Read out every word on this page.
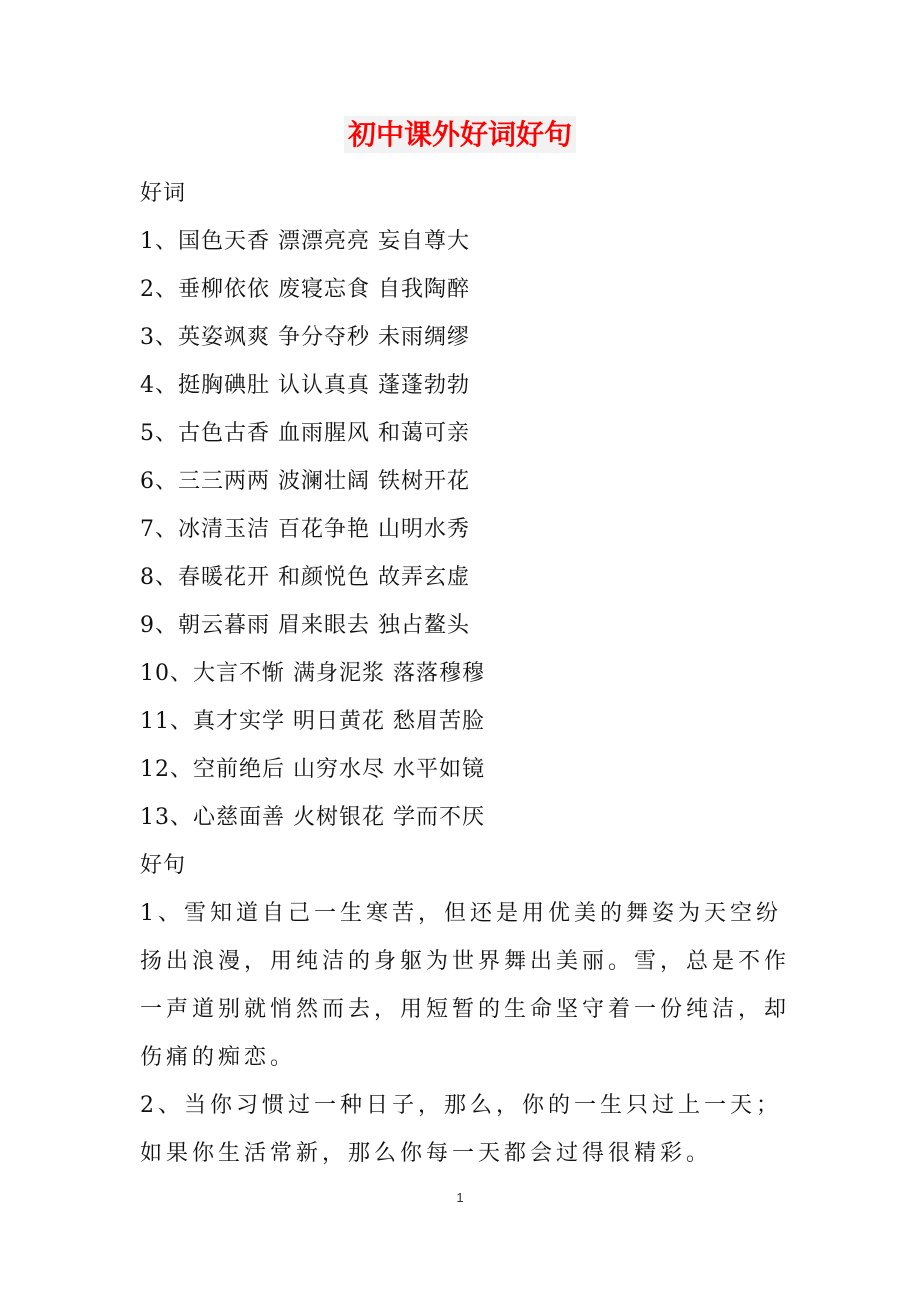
初中课外好词好句
好词
1、国色天香 漂漂亮亮 妄自尊大
2、垂柳依依 废寝忘食 自我陶醉
3、英姿飒爽 争分夺秒 未雨绸缪
4、挺胸碘肚 认认真真 蓬蓬勃勃
5、古色古香 血雨腥风 和蔼可亲
6、三三两两 波澜壮阔 铁树开花
7、冰清玉洁 百花争艳 山明水秀
8、春暖花开 和颜悦色 故弄玄虚
9、朝云暮雨 眉来眼去 独占鳌头
10、大言不惭 满身泥浆 落落穆穆
11、真才实学 明日黄花 愁眉苦脸
12、空前绝后 山穷水尽 水平如镜
13、心慈面善 火树银花 学而不厌
好句

1、雪知道自己一生寒苦，但还是用优美的舞姿为天空纷扬出浪漫，用纯洁的身躯为世界舞出美丽。雪，总是不作一声道别就悄然而去，用短暂的生命坚守着一份纯洁，却伤痛的痴恋。

2、当你习惯过一种日子，那么，你的一生只过上一天；如果你生活常新，那么你每一天都会过得很精彩。

1
